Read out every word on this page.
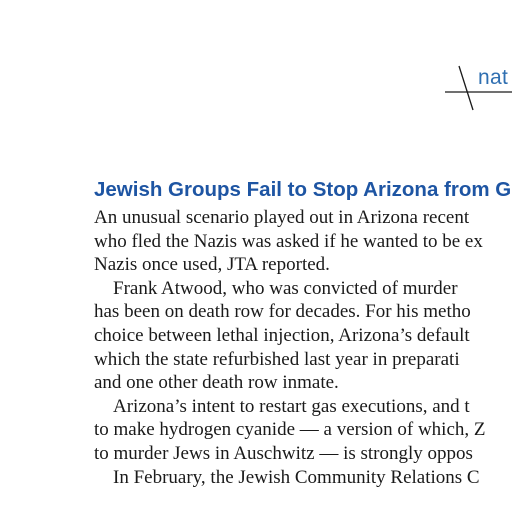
nat
Jewish Groups Fail to Stop Arizona from G
An unusual scenario played out in Arizona recent
who fled the Nazis was asked if he wanted to be ex
Nazis once used, JTA reported.
Frank Atwood, who was convicted of murder
has been on death row for decades. For his metho
choice between lethal injection, Arizona’s default
which the state refurbished last year in preparati
and one other death row inmate.
Arizona’s intent to restart gas executions, and t
to make hydrogen cyanide — a version of which, Z
to murder Jews in Auschwitz — is strongly oppos
In February, the Jewish Community Relations C
